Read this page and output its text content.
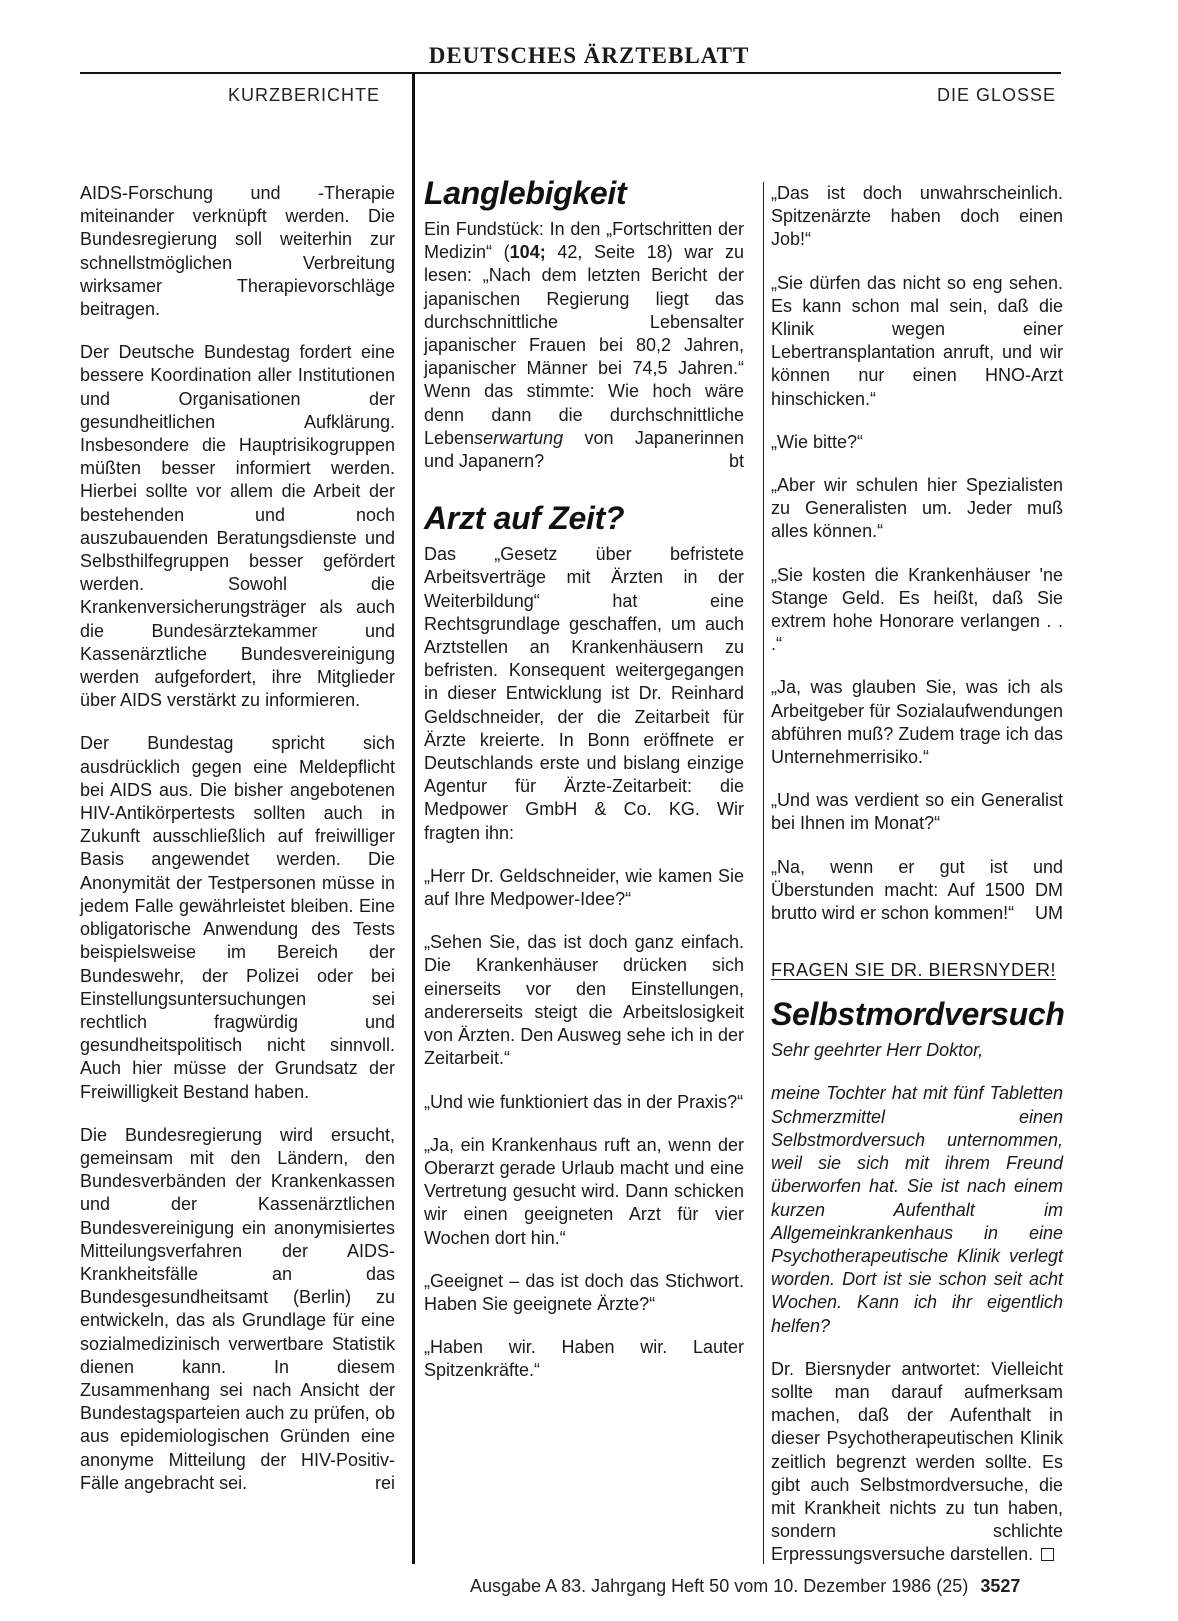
DEUTSCHES ÄRZTEBLATT
KURZBERICHTE	DIE GLOSSE

AIDS-Forschung und -Therapie miteinander verknüpft werden. Die Bundesregierung soll weiterhin zur schnellstmöglichen Verbreitung wirksamer Therapievorschläge beitragen.

Der Deutsche Bundestag fordert eine bessere Koordination aller Institutionen und Organisationen der gesundheitlichen Aufklärung. Insbesondere die Hauptrisikogruppen müßten besser informiert werden. Hierbei sollte vor allem die Arbeit der bestehenden und noch auszubauenden Beratungsdienste und Selbsthilfegruppen besser gefördert werden. Sowohl die Krankenversicherungsträger als auch die Bundesärztekammer und Kassenärztliche Bundesvereinigung werden aufgefordert, ihre Mitglieder über AIDS verstärkt zu informieren.

Der Bundestag spricht sich ausdrücklich gegen eine Meldepflicht bei AIDS aus. Die bisher angebotenen HIV-Antikörpertests sollten auch in Zukunft ausschließlich auf freiwilliger Basis angewendet werden. Die Anonymität der Testpersonen müsse in jedem Falle gewährleistet bleiben. Eine obligatorische Anwendung des Tests beispielsweise im Bereich der Bundeswehr, der Polizei oder bei Einstellungsuntersuchungen sei rechtlich fragwürdig und gesundheitspolitisch nicht sinnvoll. Auch hier müsse der Grundsatz der Freiwilligkeit Bestand haben.

Die Bundesregierung wird ersucht, gemeinsam mit den Ländern, den Bundesverbänden der Krankenkassen und der Kassenärztlichen Bundesvereinigung ein anonymisiertes Mitteilungsverfahren der AIDS-Krankheitsfälle an das Bundesgesundheitsamt (Berlin) zu entwickeln, das als Grundlage für eine sozialmedizinisch verwertbare Statistik dienen kann. In diesem Zusammenhang sei nach Ansicht der Bundestagsparteien auch zu prüfen, ob aus epidemiologischen Gründen eine anonyme Mitteilung der HIV-Positiv-Fälle angebracht sei.	rei

Langlebigkeit

Ein Fundstück: In den „Fortschritten der Medizin“ (104; 42, Seite 18) war zu lesen: „Nach dem letzten Bericht der japanischen Regierung liegt das durchschnittliche Lebensalter japanischer Frauen bei 80,2 Jahren, japanischer Männer bei 74,5 Jahren.“ Wenn das stimmte: Wie hoch wäre denn dann die durchschnittliche Lebenserwartung von Japanerinnen und Japanern?	bt

Arzt auf Zeit?

Das „Gesetz über befristete Arbeitsverträge mit Ärzten in der Weiterbildung“ hat eine Rechtsgrundlage geschaffen, um auch Arztstellen an Krankenhäusern zu befristen. Konsequent weitergegangen in dieser Entwicklung ist Dr. Reinhard Geldschneider, der die Zeitarbeit für Ärzte kreierte. In Bonn eröffnete er Deutschlands erste und bislang einzige Agentur für Ärzte-Zeitarbeit: die Medpower GmbH & Co. KG. Wir fragten ihn:

„Herr Dr. Geldschneider, wie kamen Sie auf Ihre Medpower-Idee?“

„Sehen Sie, das ist doch ganz einfach. Die Krankenhäuser drücken sich einerseits vor den Einstellungen, andererseits steigt die Arbeitslosigkeit von Ärzten. Den Ausweg sehe ich in der Zeitarbeit.“

„Und wie funktioniert das in der Praxis?“

„Ja, ein Krankenhaus ruft an, wenn der Oberarzt gerade Urlaub macht und eine Vertretung gesucht wird. Dann schicken wir einen geeigneten Arzt für vier Wochen dort hin.“

„Geeignet – das ist doch das Stichwort. Haben Sie geeignete Ärzte?“

„Haben wir. Haben wir. Lauter Spitzenkräfte.“

„Das ist doch unwahrscheinlich. Spitzenärzte haben doch einen Job!“

„Sie dürfen das nicht so eng sehen. Es kann schon mal sein, daß die Klinik wegen einer Lebertransplantation anruft, und wir können nur einen HNO-Arzt hinschicken.“

„Wie bitte?“

„Aber wir schulen hier Spezialisten zu Generalisten um. Jeder muß alles können.“

„Sie kosten die Krankenhäuser 'ne Stange Geld. Es heißt, daß Sie extrem hohe Honorare verlangen . . .“

„Ja, was glauben Sie, was ich als Arbeitgeber für Sozialaufwendungen abführen muß? Zudem trage ich das Unternehmerrisiko.“

„Und was verdient so ein Generalist bei Ihnen im Monat?“

„Na, wenn er gut ist und Überstunden macht: Auf 1500 DM brutto wird er schon kommen!“ UM

FRAGEN SIE DR. BIERSNYDER!
Selbstmordversuch

Sehr geehrter Herr Doktor,

meine Tochter hat mit fünf Tabletten Schmerzmittel einen Selbstmordversuch unternommen, weil sie sich mit ihrem Freund überworfen hat. Sie ist nach einem kurzen Aufenthalt im Allgemeinkrankenhaus in eine Psychotherapeutische Klinik verlegt worden. Dort ist sie schon seit acht Wochen. Kann ich ihr eigentlich helfen?

Dr. Biersnyder antwortet: Vielleicht sollte man darauf aufmerksam machen, daß der Aufenthalt in dieser Psychotherapeutischen Klinik zeitlich begrenzt werden sollte. Es gibt auch Selbstmordversuche, die mit Krankheit nichts zu tun haben, sondern schlichte Erpressungsversuche darstellen.

Ausgabe A 83. Jahrgang Heft 50 vom 10. Dezember 1986 (25) 3527
